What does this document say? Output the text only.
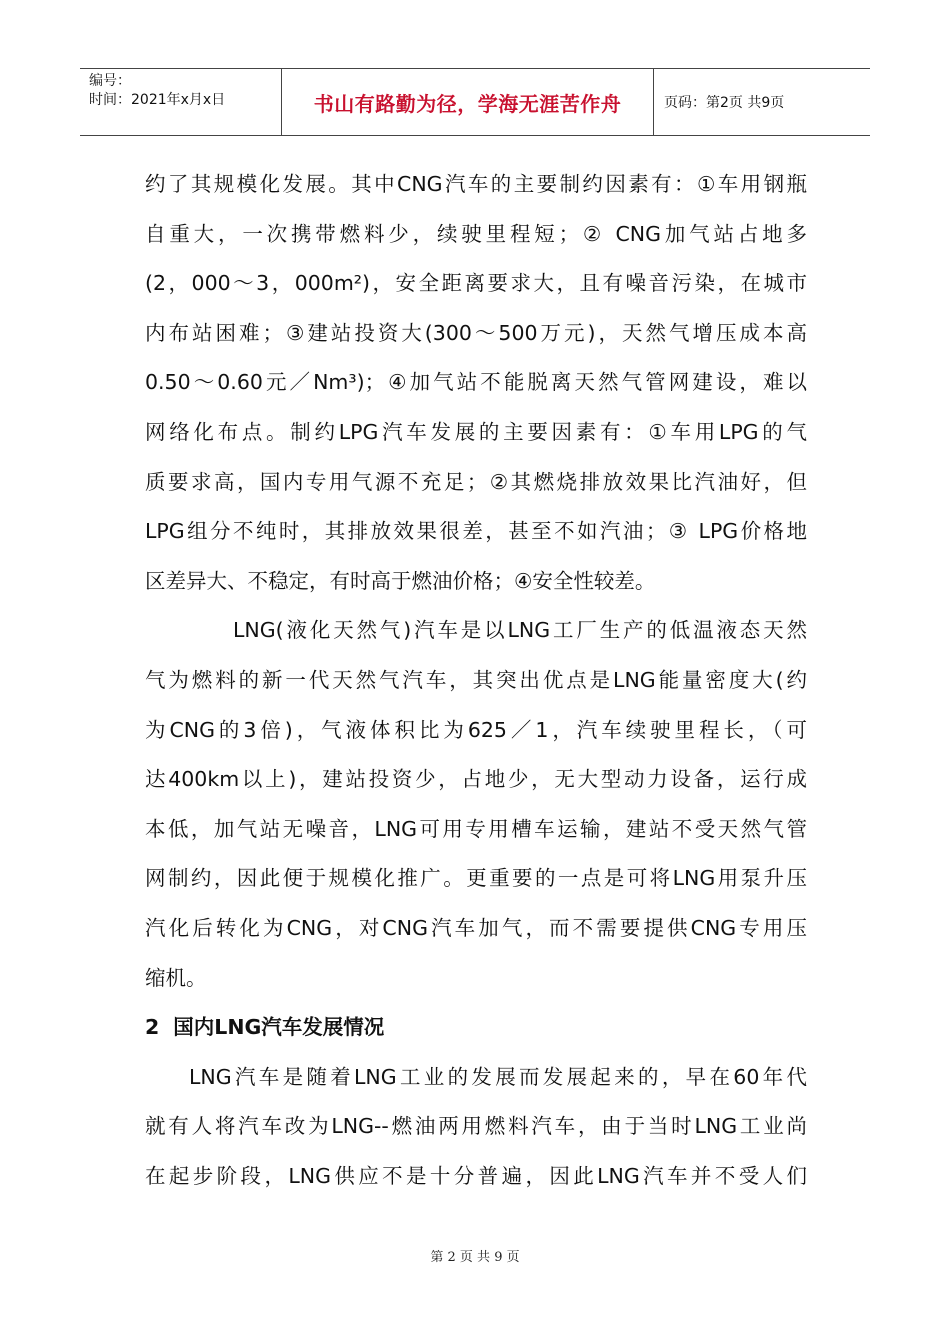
编号：
时间：2021年x月x日	书山有路勤为径，学海无涯苦作舟	页码：第2页 共9页
约了其规模化发展。其中CNG汽车的主要制约因素有：①车用钢瓶
自重大，一次携带燃料少，续驶里程短；② CNG加气站占地多
(2，000～3，000m²)，安全距离要求大，且有噪音污染，在城市
内布站困难；③建站投资大(300～500万元)，天然气增压成本高
0.50～0.60元／Nm³)；④加气站不能脱离天然气管网建设，难以
网络化布点。制约LPG汽车发展的主要因素有：①车用LPG的气
质要求高，国内专用气源不充足；②其燃烧排放效果比汽油好，但
LPG组分不纯时，其排放效果很差，甚至不如汽油；③ LPG价格地
区差异大、不稳定，有时高于燃油价格；④安全性较差。
LNG(液化天然气)汽车是以LNG工厂生产的低温液态天然
气为燃料的新一代天然气汽车，其突出优点是LNG能量密度大(约
为CNG的3倍)，气液体积比为625／1，汽车续驶里程长，（可
达400km以上)，建站投资少，占地少，无大型动力设备，运行成
本低，加气站无噪音，LNG可用专用槽车运输，建站不受天然气管
网制约，因此便于规模化推广。更重要的一点是可将LNG用泵升压
汽化后转化为CNG，对CNG汽车加气，而不需要提供CNG专用压
缩机。
2 国内LNG汽车发展情况
LNG汽车是随着LNG工业的发展而发展起来的，早在60年代
就有人将汽车改为LNG--燃油两用燃料汽车，由于当时LNG工业尚
在起步阶段，LNG供应不是十分普遍，因此LNG汽车并不受人们
第 2 页 共 9 页
